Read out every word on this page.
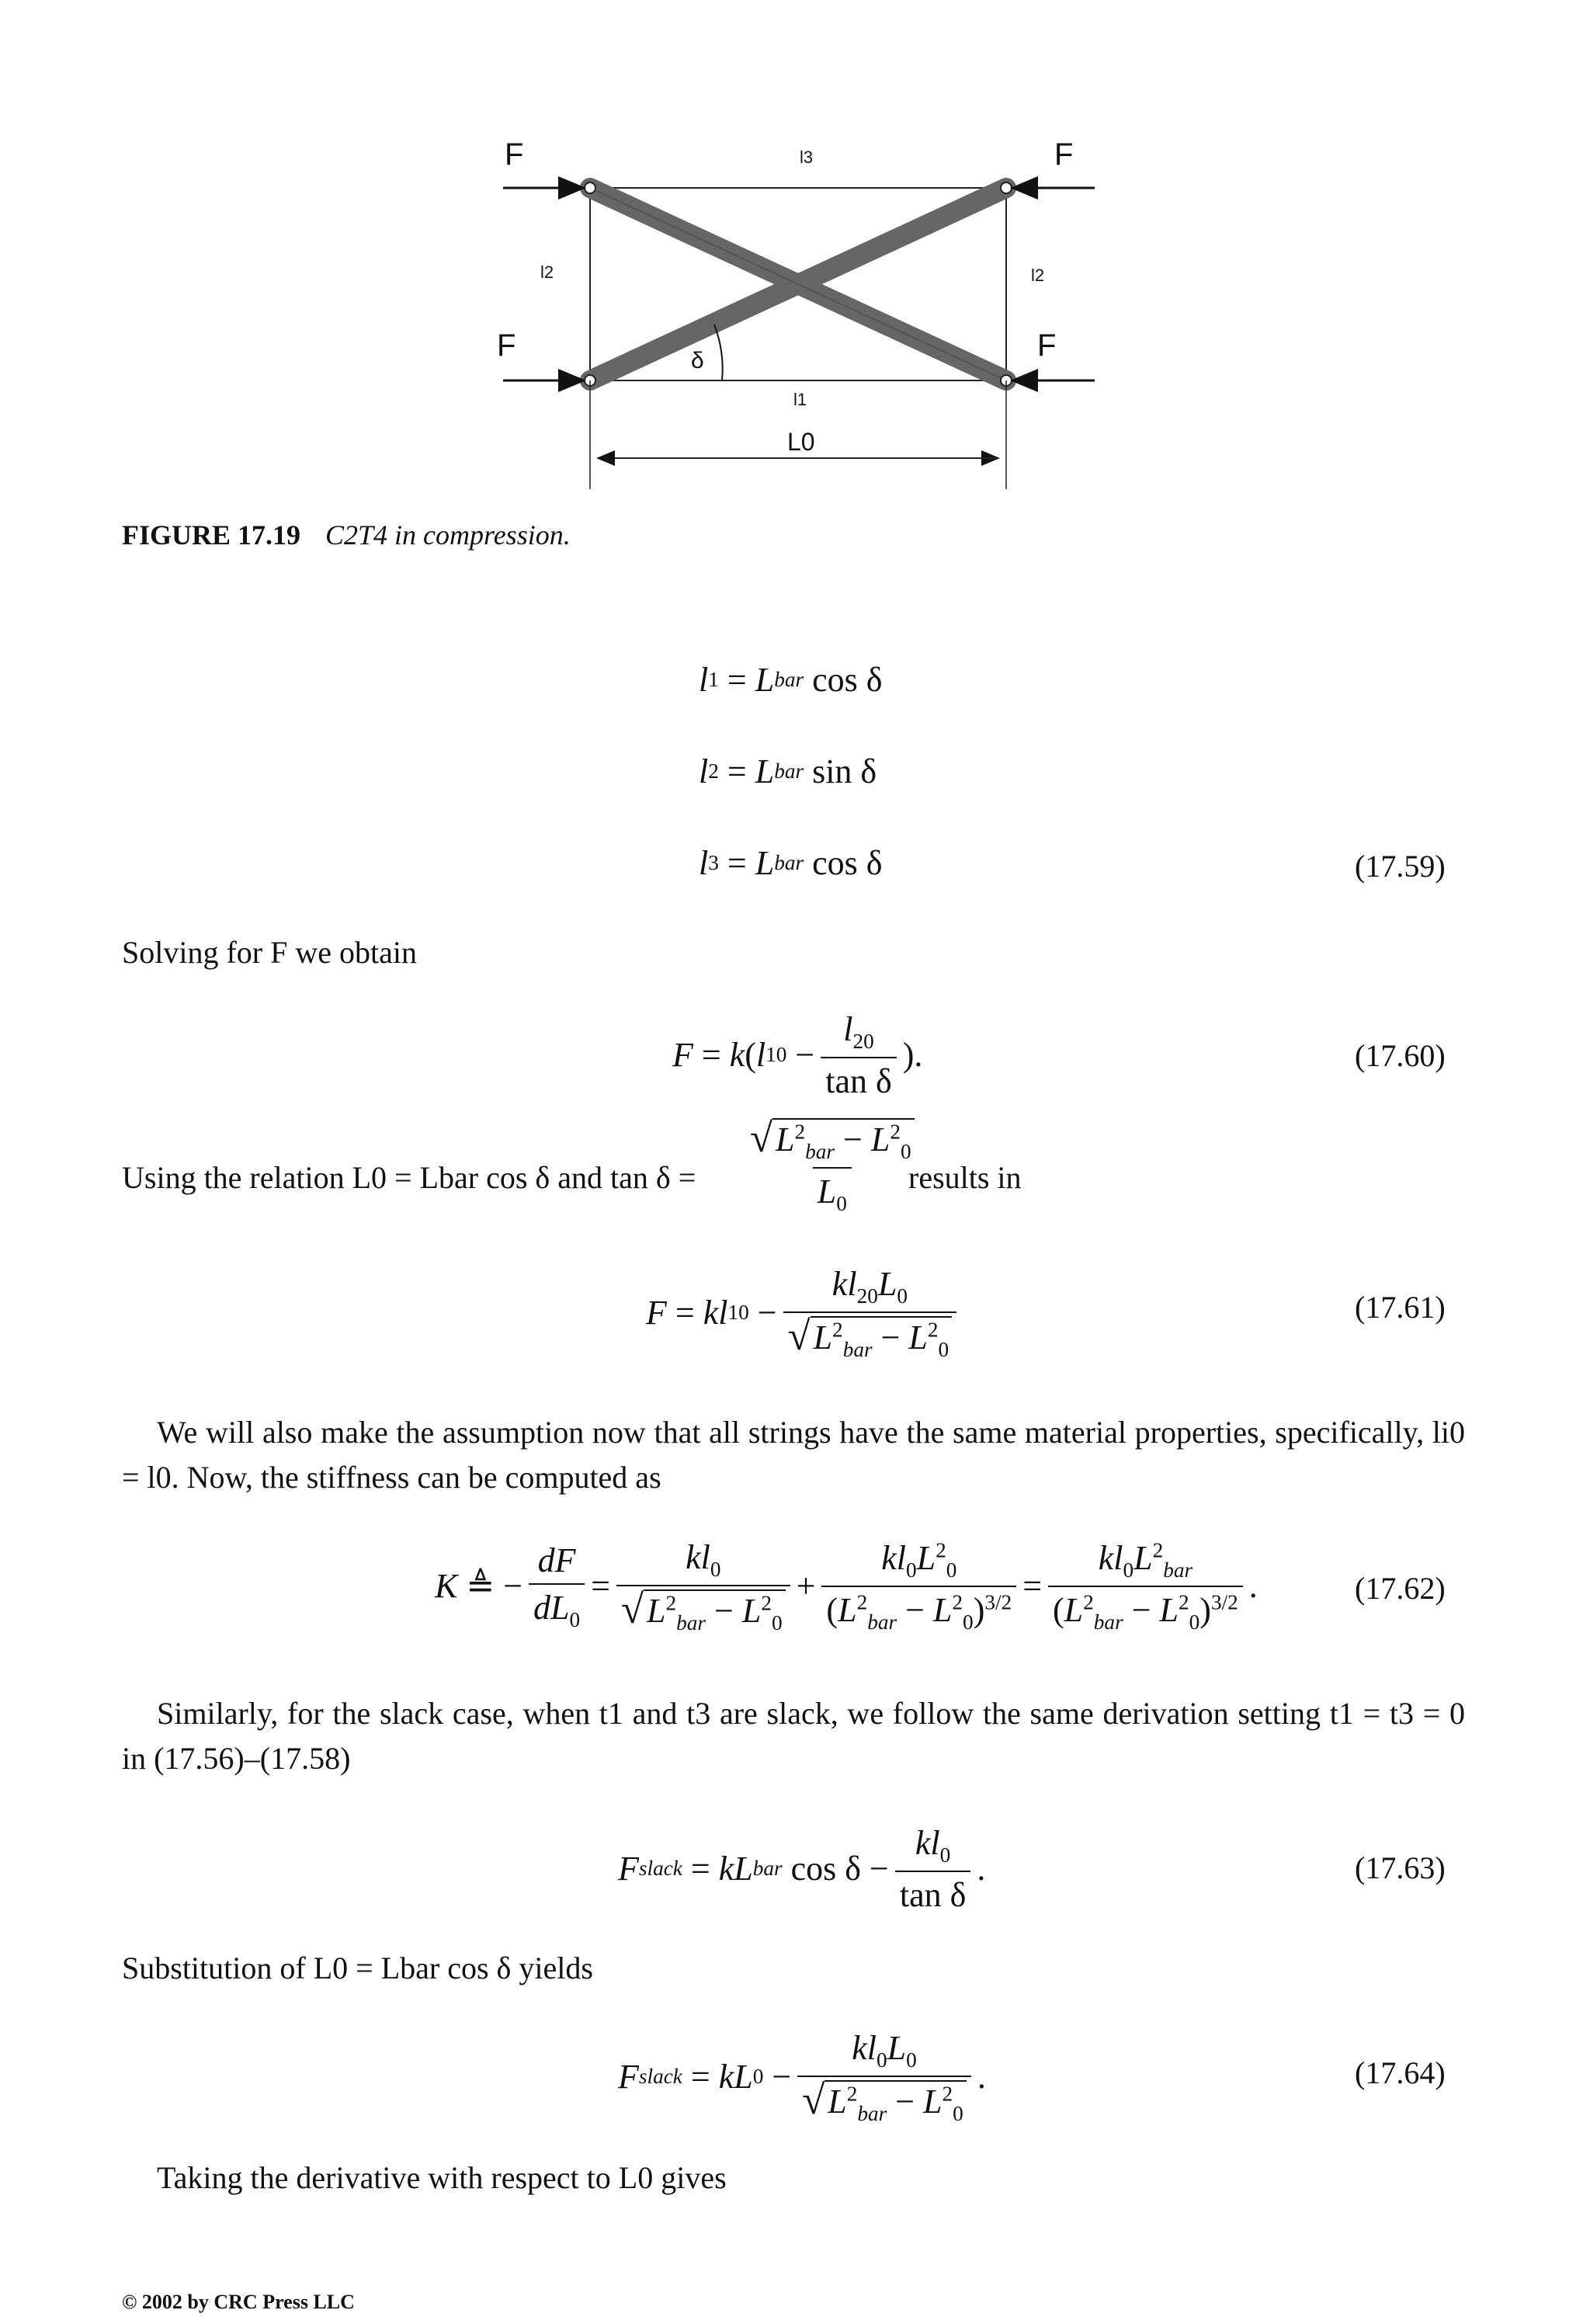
F	F
F	F
l3
l2	l2
l1
δ
L0
FIGURE 17.19 C2T4 in compression.
l 1 = L bar cos δ
l 2 = L bar sin δ
l 3 = L bar cos δ	(17.59)
Solving for F we obtain
F = k ( l $10 - \frac{l_{20}}{\text{tan δ}}$ ).	(17.60)
Using the relation L0 = Lbar cos δ and $\tan \delta = \frac{√ L^2_{bar} - L^2_0}{L_0}$
results in
F = kl $10 - \frac{kl_{20}L_0}{√ L^2_{bar} - L^2_0}$	(17.61)
We will also make the assumption now that all strings have the same material properties, specifically, li0 = l0. Now, the stiffness can be computed as
K ≜ − $\frac{dF}{dL_0} = \frac{kl_0}{√ L^2_{bar} - L^2_0} + \frac{kl_0L^2_0}{(L^2_{bar} - L^2_0)^{3/2}} = \frac{kl_0L^2_{bar}}{(L^2_{bar} - L^2_0)^{3/2}}$ .	(17.62)
Similarly, for the slack case, when t1 and t3 are slack, we follow the same derivation setting t1 = t3 = 0 in (17.56)–(17.58)
F slack = kL bar $\cos \delta - \frac{kl_0}{\text{tan δ}}$ .	(17.63)
Substitution of L0 = Lbar cos δ yields
F slack = kL $0 - \frac{kl_0L_0}{√ L^2_{bar} - L^2_0}$ .	(17.64)
Taking the derivative with respect to L0 gives
© 2002 by CRC Press LLC
